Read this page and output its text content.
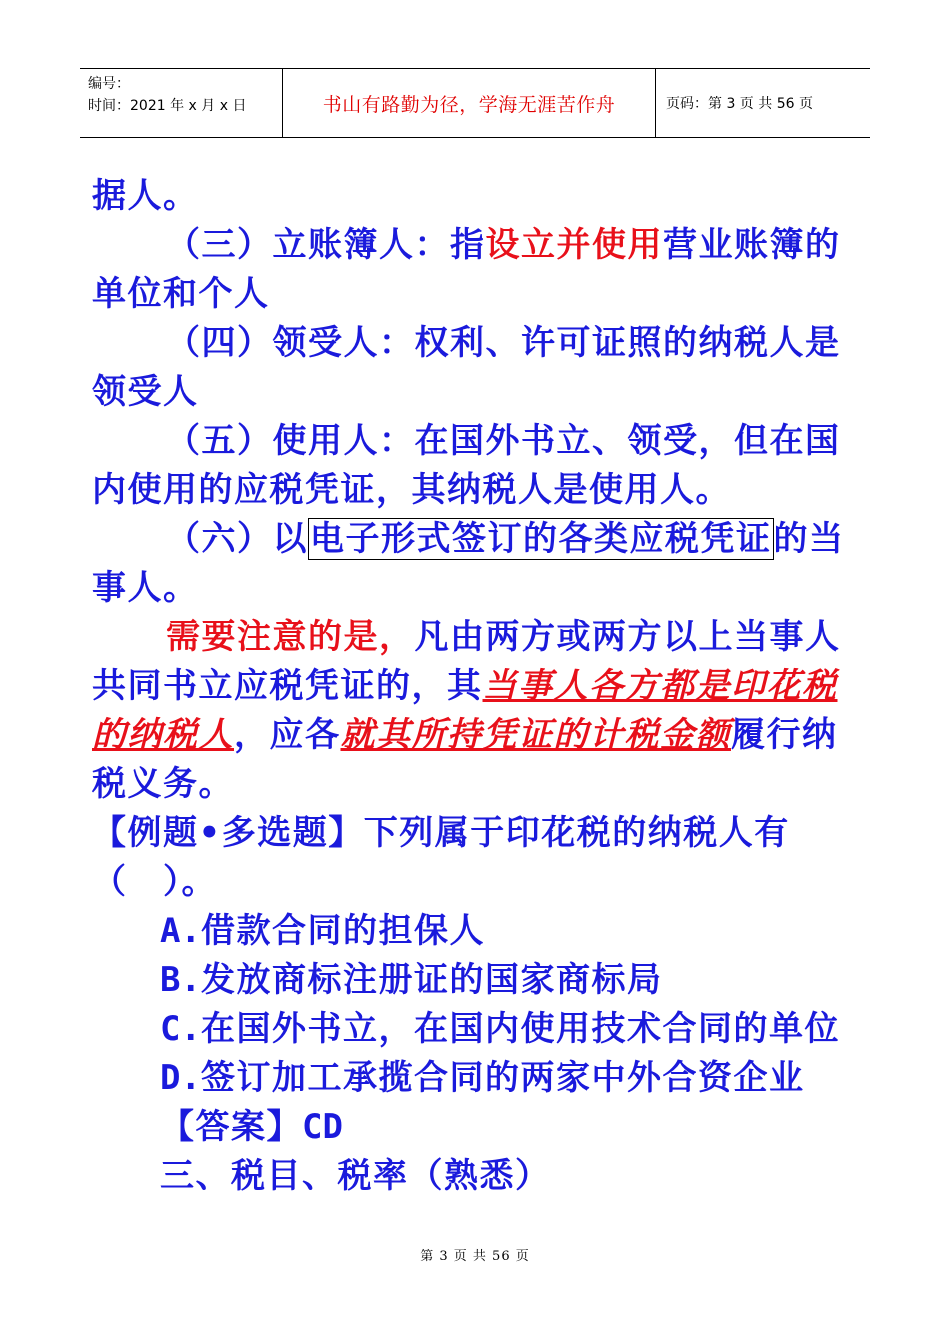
编号：
时间：2021 年 x 月 x 日	书山有路勤为径，学海无涯苦作舟	页码：第 3 页 共 56 页
据人。
（三）立账簿人：指设立并使用营业账簿的
单位和个人
（四）领受人：权利、许可证照的纳税人是
领受人
（五）使用人：在国外书立、领受，但在国
内使用的应税凭证，其纳税人是使用人。
（六）以电子形式签订的各类应税凭证的当
事人。
需要注意的是，凡由两方或两方以上当事人
共同书立应税凭证的，其当事人各方都是印花税
的纳税人，应各就其所持凭证的计税金额履行纳
税义务。
【例题•多选题】下列属于印花税的纳税人有
（　）。
A.借款合同的担保人
B.发放商标注册证的国家商标局
C.在国外书立，在国内使用技术合同的单位
D.签订加工承揽合同的两家中外合资企业
【答案】CD
三、税目、税率（熟悉）
第 3 页 共 56 页
